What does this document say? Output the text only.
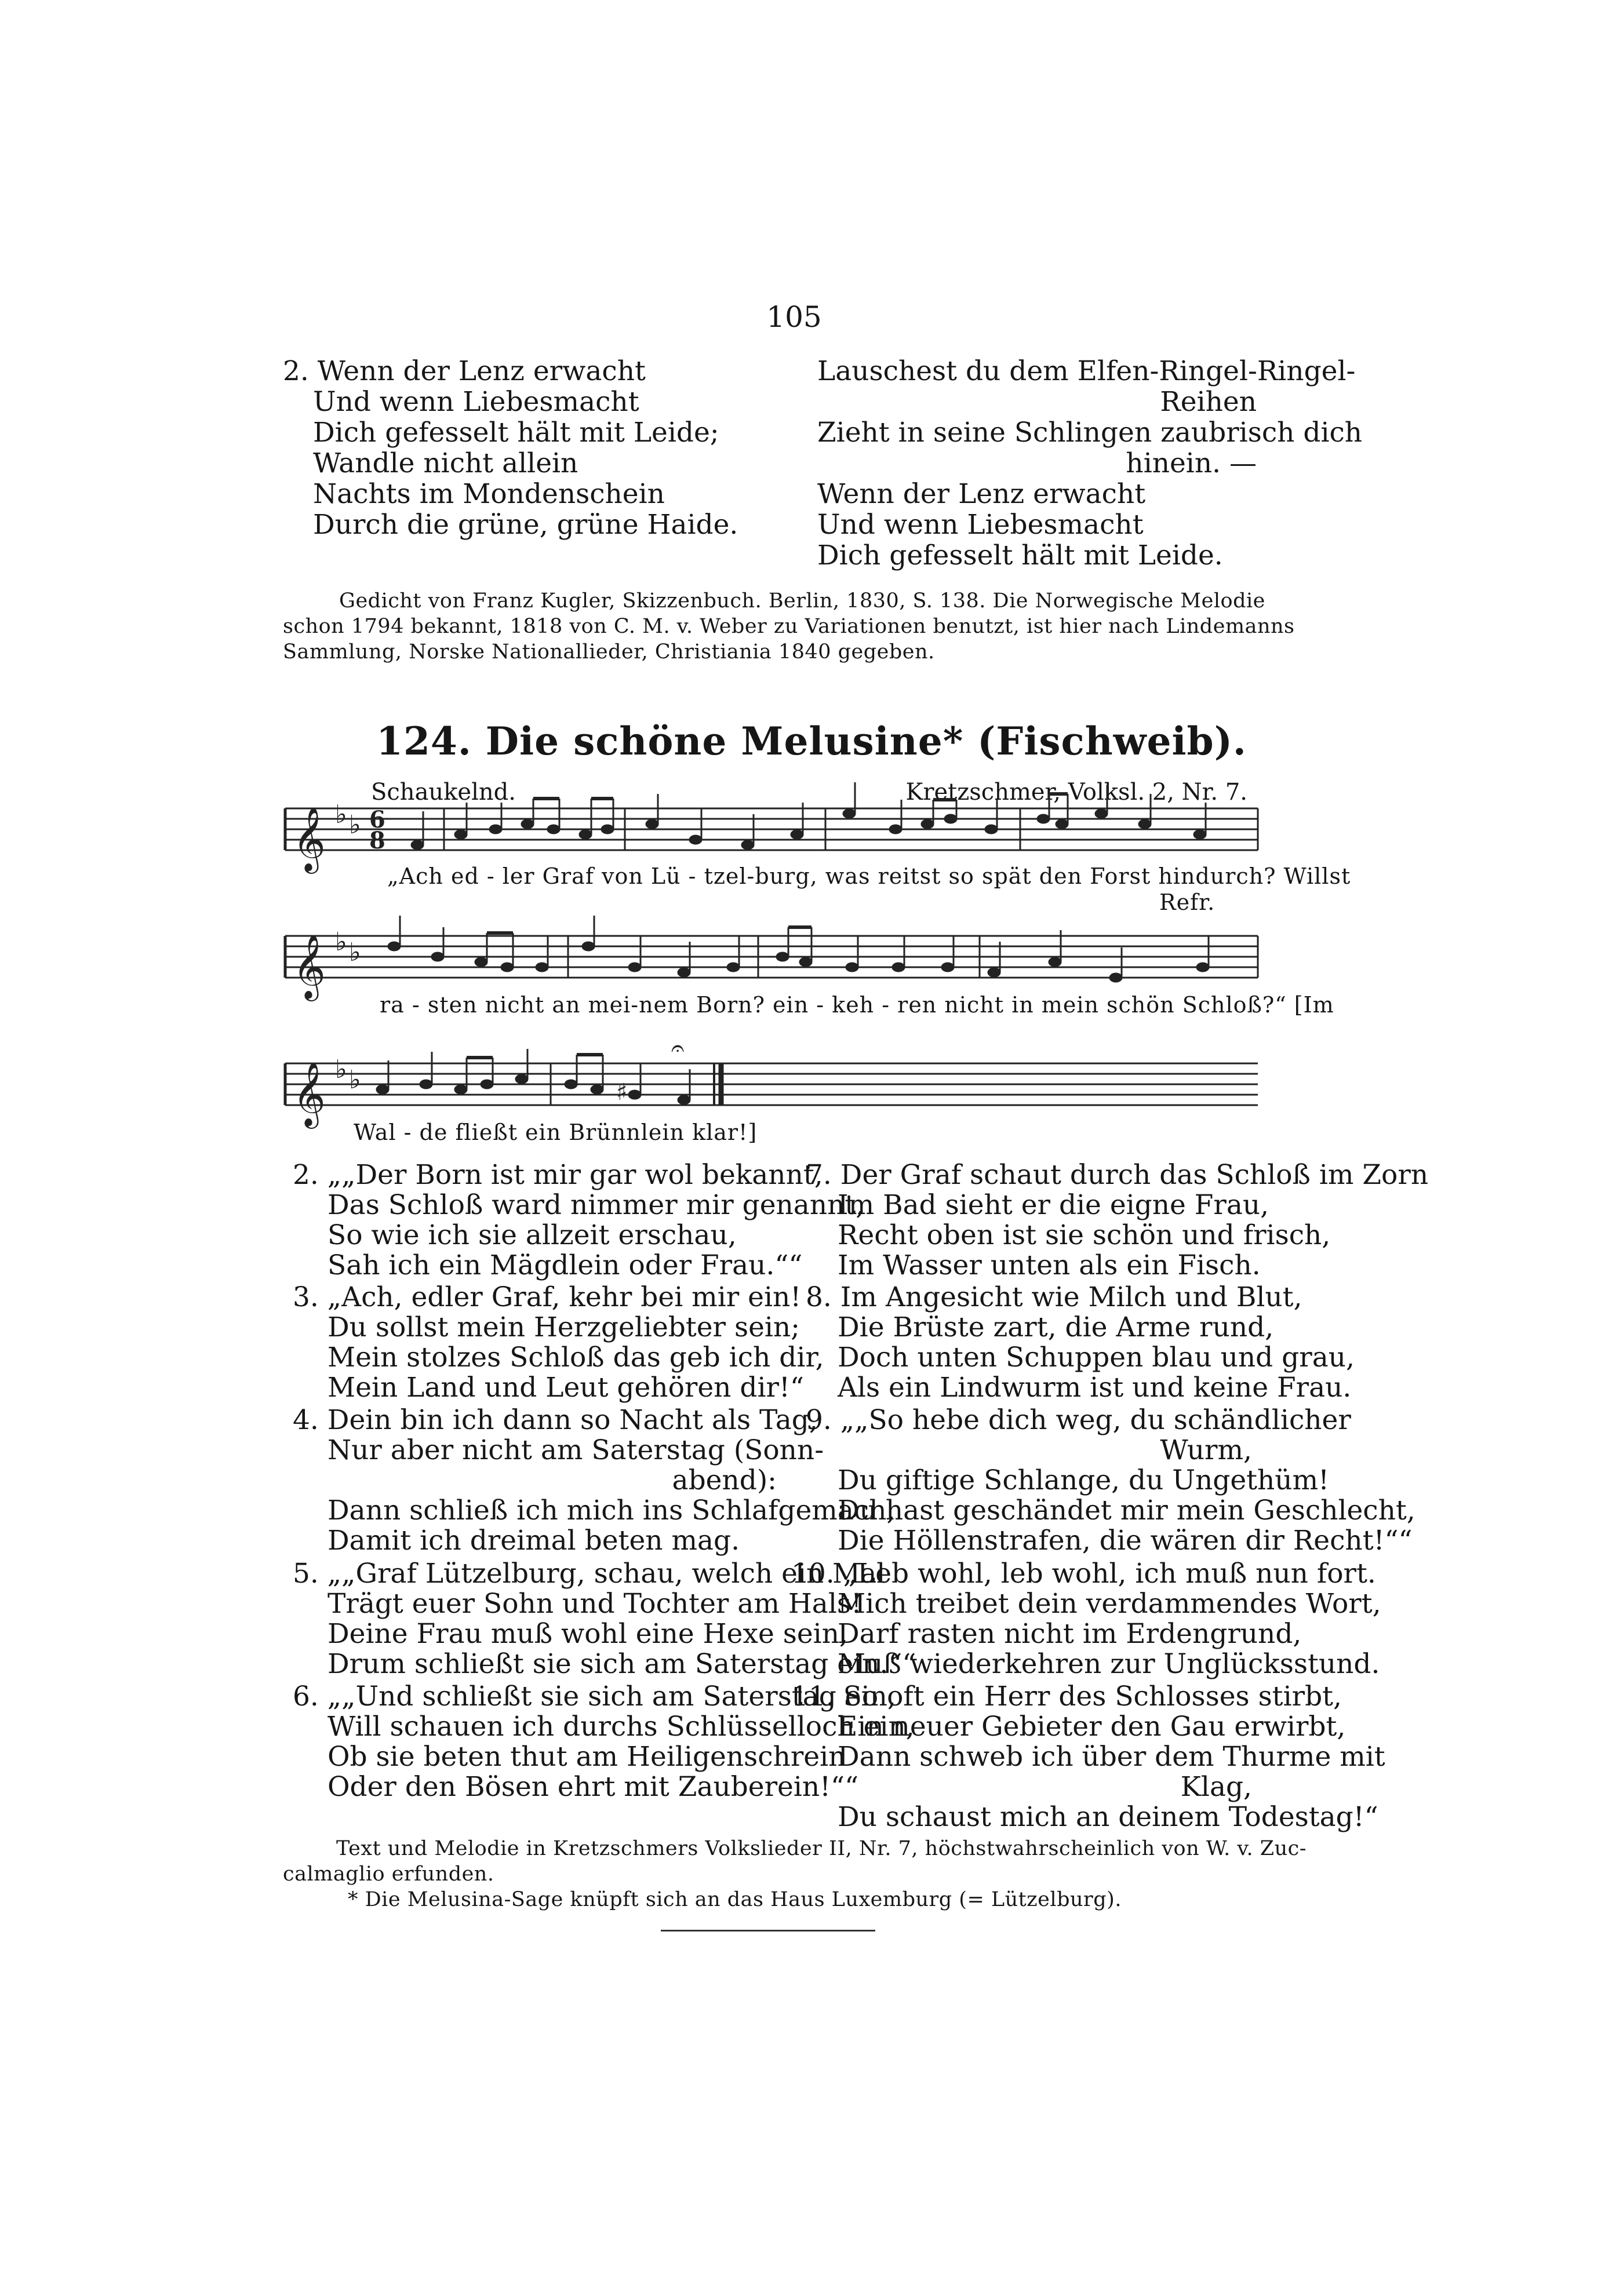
105
2. Wenn der Lenz erwacht
Und wenn Liebesmacht
Dich gefesselt hält mit Leide;
Wandle nicht allein
Nachts im Mondenschein
Durch die grüne, grüne Haide.
Lauschest du dem Elfen-Ringel-Ringel-
Reihen
Zieht in seine Schlingen zaubrisch dich
hinein. —
Wenn der Lenz erwacht
Und wenn Liebesmacht
Dich gefesselt hält mit Leide.
Gedicht von Franz Kugler, Skizzenbuch. Berlin, 1830, S. 138. Die Norwegische Melodie
schon 1794 bekannt, 1818 von C. M. v. Weber zu Variationen benutzt, ist hier nach Lindemanns
Sammlung, Norske Nationallieder, Christiania 1840 gegeben.
124. Die schöne Melusine* (Fischweib).
Schaukelnd.	Kretzschmer, Volksl. 2, Nr. 7.
𝄞
𝄞
𝄞
♭ ♭
♭ ♭
♭ ♭
6
8
𝄐
♯
„Ach ed - ler Graf von Lü - tzel-burg, was reitst so spät den Forst hindurch? Willst
Refr.
ra - sten nicht an mei-nem Born? ein - keh - ren nicht in mein schön Schloß?“ [Im
Wal - de fließt ein Brünnlein klar!]
2. „„Der Born ist mir gar wol bekannt,
Das Schloß ward nimmer mir genannt,
So wie ich sie allzeit erschau,
Sah ich ein Mägdlein oder Frau.““
3. „Ach, edler Graf, kehr bei mir ein!
Du sollst mein Herzgeliebter sein;
Mein stolzes Schloß das geb ich dir,
Mein Land und Leut gehören dir!“
4. Dein bin ich dann so Nacht als Tag,
Nur aber nicht am Saterstag (Sonn-
abend):
Dann schließ ich mich ins Schlafgemach,
Damit ich dreimal beten mag.
5. „„Graf Lützelburg, schau, welch ein Mal
Trägt euer Sohn und Tochter am Hals!
Deine Frau muß wohl eine Hexe sein,
Drum schließt sie sich am Saterstag ein.““
6. „„Und schließt sie sich am Saterstag ein,
Will schauen ich durchs Schlüsselloch ein,
Ob sie beten thut am Heiligenschrein
Oder den Bösen ehrt mit Zauberein!““
7. Der Graf schaut durch das Schloß im Zorn
Im Bad sieht er die eigne Frau,
Recht oben ist sie schön und frisch,
Im Wasser unten als ein Fisch.
8. Im Angesicht wie Milch und Blut,
Die Brüste zart, die Arme rund,
Doch unten Schuppen blau und grau,
Als ein Lindwurm ist und keine Frau.
9. „„So hebe dich weg, du schändlicher
Wurm,
Du giftige Schlange, du Ungethüm!
Du hast geschändet mir mein Geschlecht,
Die Höllenstrafen, die wären dir Recht!““
10. „Leb wohl, leb wohl, ich muß nun fort.
Mich treibet dein verdammendes Wort,
Darf rasten nicht im Erdengrund,
Muß wiederkehren zur Unglücksstund.
11. So oft ein Herr des Schlosses stirbt,
Ein neuer Gebieter den Gau erwirbt,
Dann schweb ich über dem Thurme mit
Klag,
Du schaust mich an deinem Todestag!“
Text und Melodie in Kretzschmers Volkslieder II, Nr. 7, höchstwahrscheinlich von W. v. Zuc-
calmaglio erfunden.
* Die Melusina-Sage knüpft sich an das Haus Luxemburg (= Lützelburg).
